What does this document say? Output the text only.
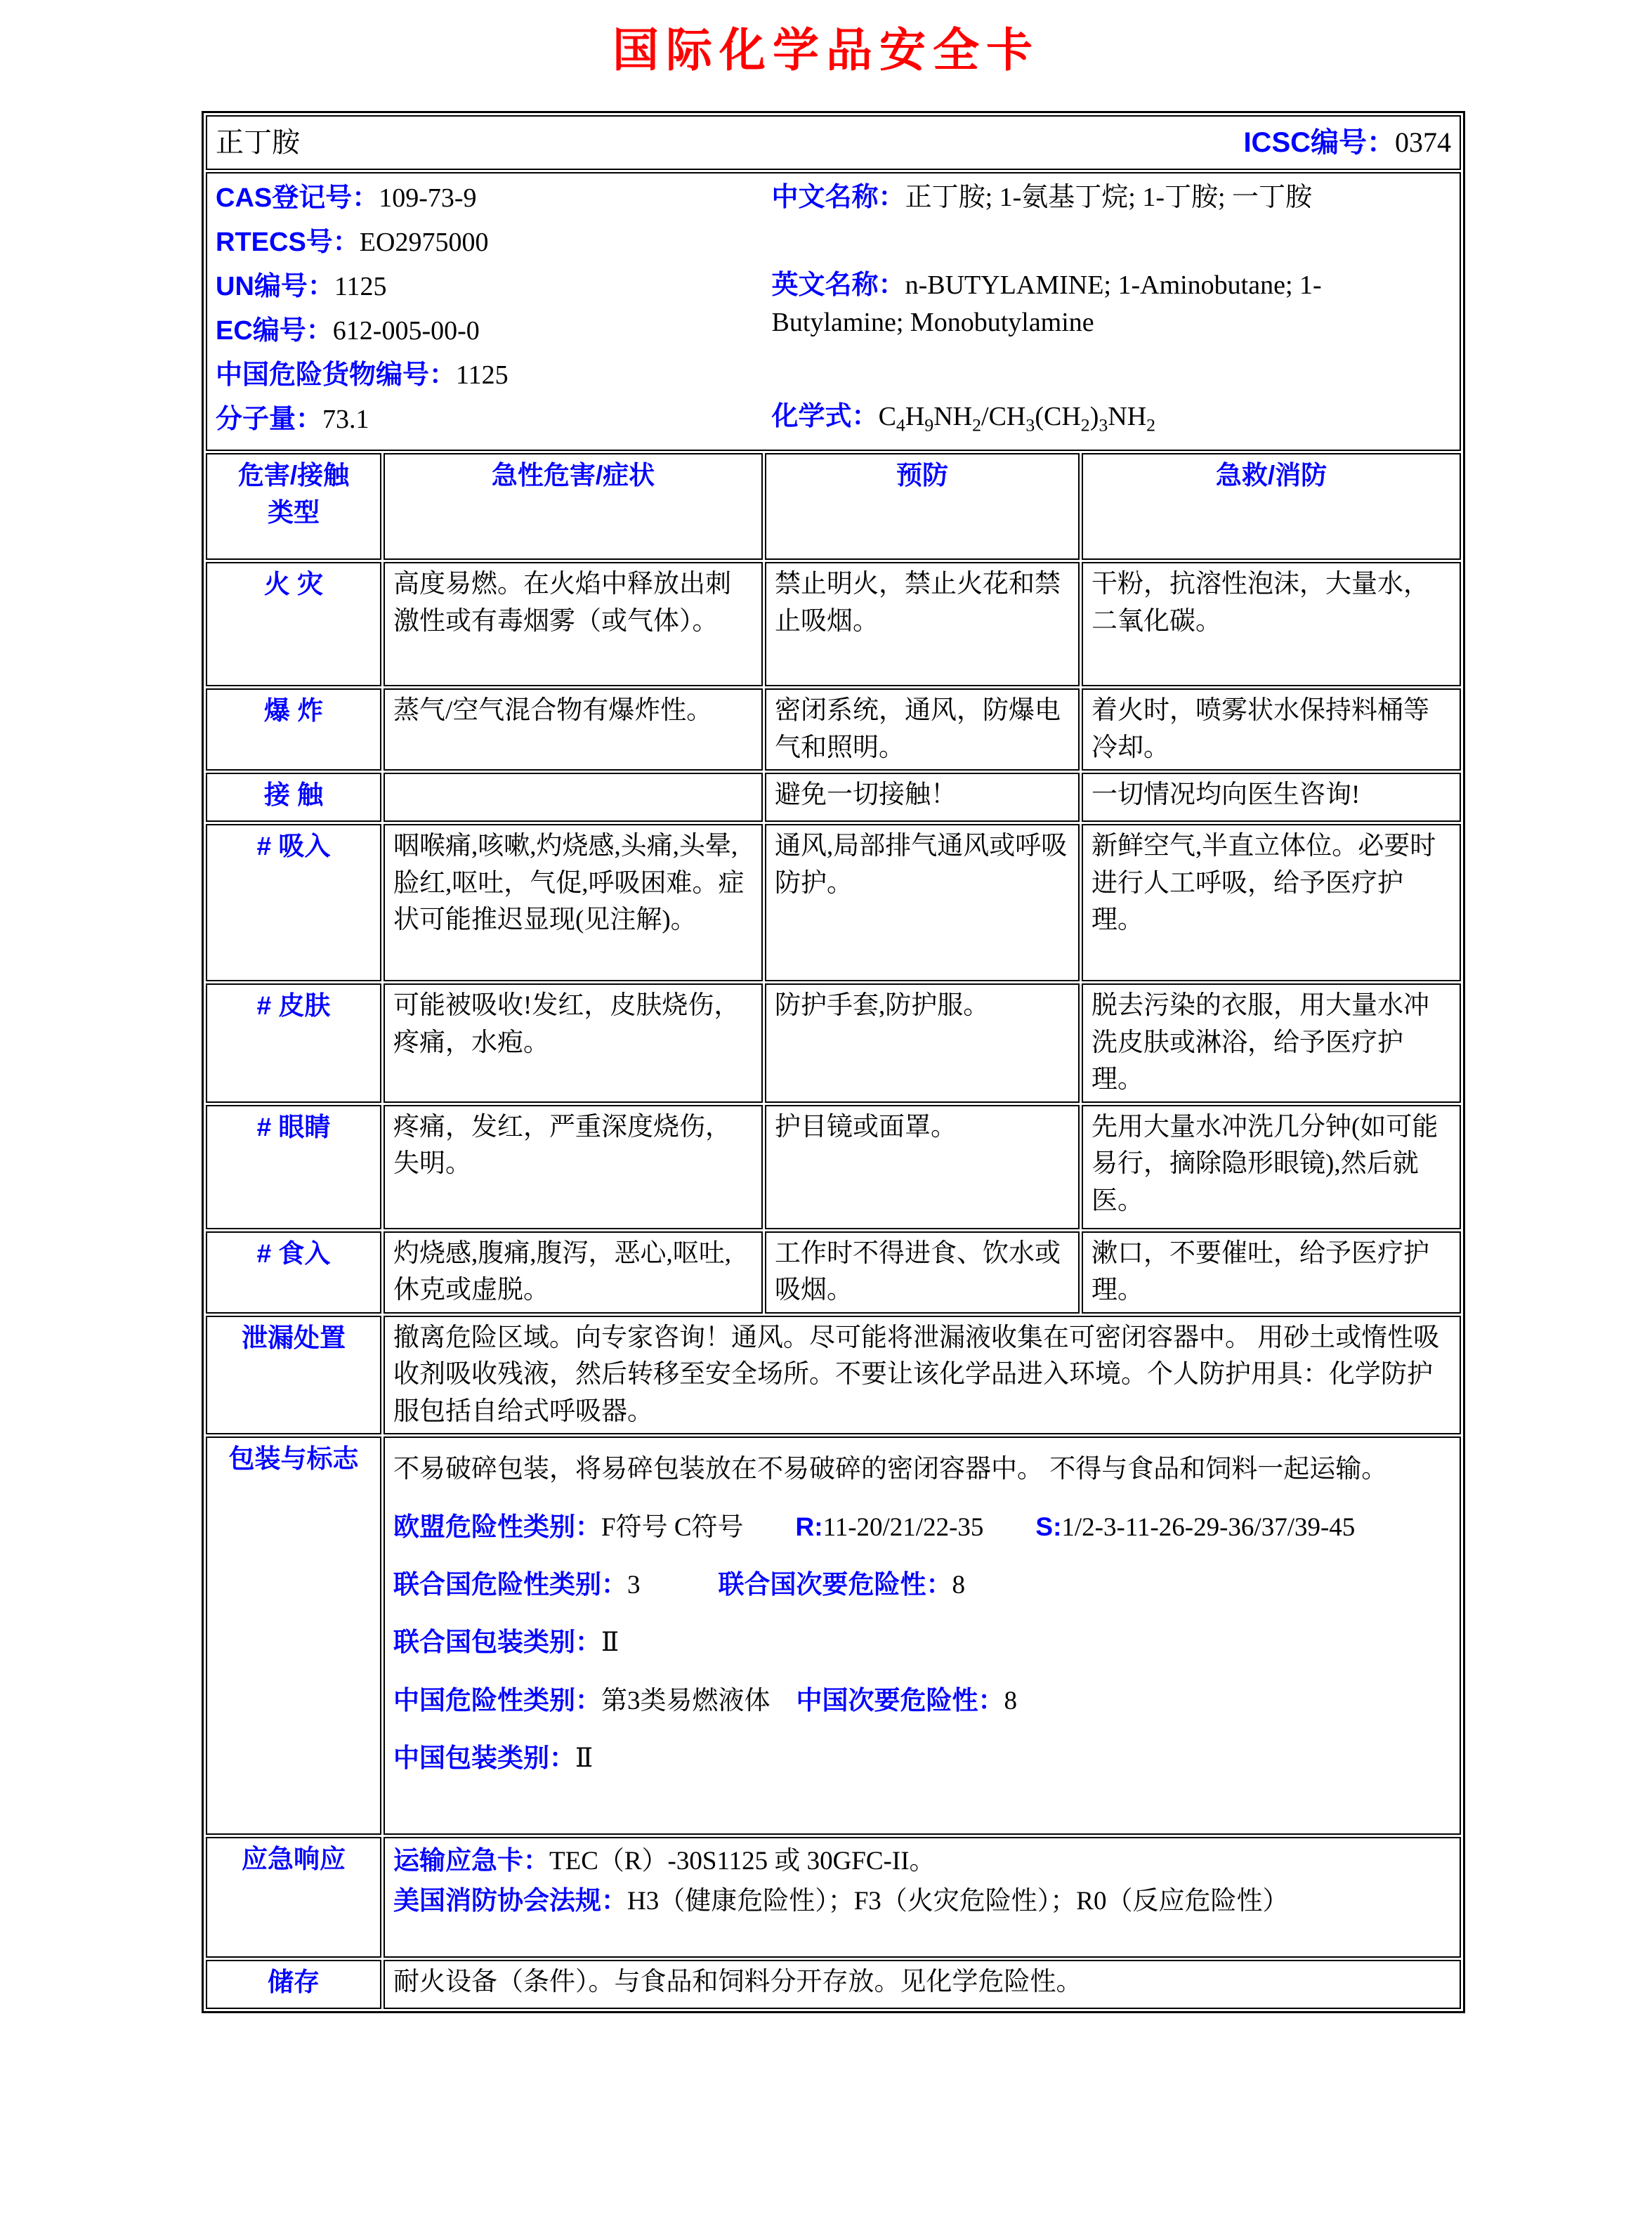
国际化学品安全卡
正丁胺 ICSC编号：0374			

CAS登记号：109-73-9
RTECS号：EO2975000
UN编号：1125
EC编号：612-005-00-0
中国危险货物编号：1125
分子量：73.1

中文名称：正丁胺; 1-氨基丁烷; 1-丁胺; 一丁胺

英文名称：n-BUTYLAMINE; 1-Aminobutane; 1-Butylamine; Monobutylamine

化学式：$C_4H_9NH_2/CH_3(CH_2)_3NH_2$

危害/接触
类型	急性危害/症状	预防	急救/消防
火 灾	高度易燃。在火焰中释放出刺激性或有毒烟雾（或气体）。	禁止明火，禁止火花和禁止吸烟。	干粉，抗溶性泡沫，大量水，二氧化碳。
爆 炸	蒸气/空气混合物有爆炸性。	密闭系统，通风，防爆电气和照明。	着火时，喷雾状水保持料桶等冷却。
接 触		避免一切接触！	一切情况均向医生咨询!
# 吸入	咽喉痛,咳嗽,灼烧感,头痛,头晕,脸红,呕吐，气促,呼吸困难。症状可能推迟显现(见注解)。	通风,局部排气通风或呼吸防护。	新鲜空气,半直立体位。必要时进行人工呼吸，给予医疗护理。
# 皮肤	可能被吸收!发红，皮肤烧伤，疼痛，水疱。	防护手套,防护服。	脱去污染的衣服，用大量水冲洗皮肤或淋浴，给予医疗护理。
# 眼睛	疼痛，发红，严重深度烧伤，失明。	护目镜或面罩。	先用大量水冲洗几分钟(如可能易行，摘除隐形眼镜),然后就医。
# 食入	灼烧感,腹痛,腹泻，恶心,呕吐,休克或虚脱。	工作时不得进食、饮水或吸烟。	漱口，不要催吐，给予医疗护理。
泄漏处置	撤离危险区域。向专家咨询！通风。尽可能将泄漏液收集在可密闭容器中。 用砂土或惰性吸收剂吸收残液，然后转移至安全场所。不要让该化学品进入环境。个人防护用具：化学防护服包括自给式呼吸器。		
包装与标志	不易破碎包装，将易碎包装放在不易破碎的密闭容器中。 不得与食品和饲料一起运输。

欧盟危险性类别：F符号 C符号　　R:11-20/21/22-35　　S:1/2-3-11-26-29-36/37/39-45

联合国危险性类别：3　　　联合国次要危险性：8

联合国包装类别：Ⅱ

中国危险性类别：第3类易燃液体　中国次要危险性：8

中国包装类别：Ⅱ

应急响应	运输应急卡：TEC（R）-30S1125 或 30GFC-II。

美国消防协会法规：H3（健康危险性）；F3（火灾危险性）；R0（反应危险性）		

储存	耐火设备（条件）。与食品和饲料分开存放。见化学危险性。		
